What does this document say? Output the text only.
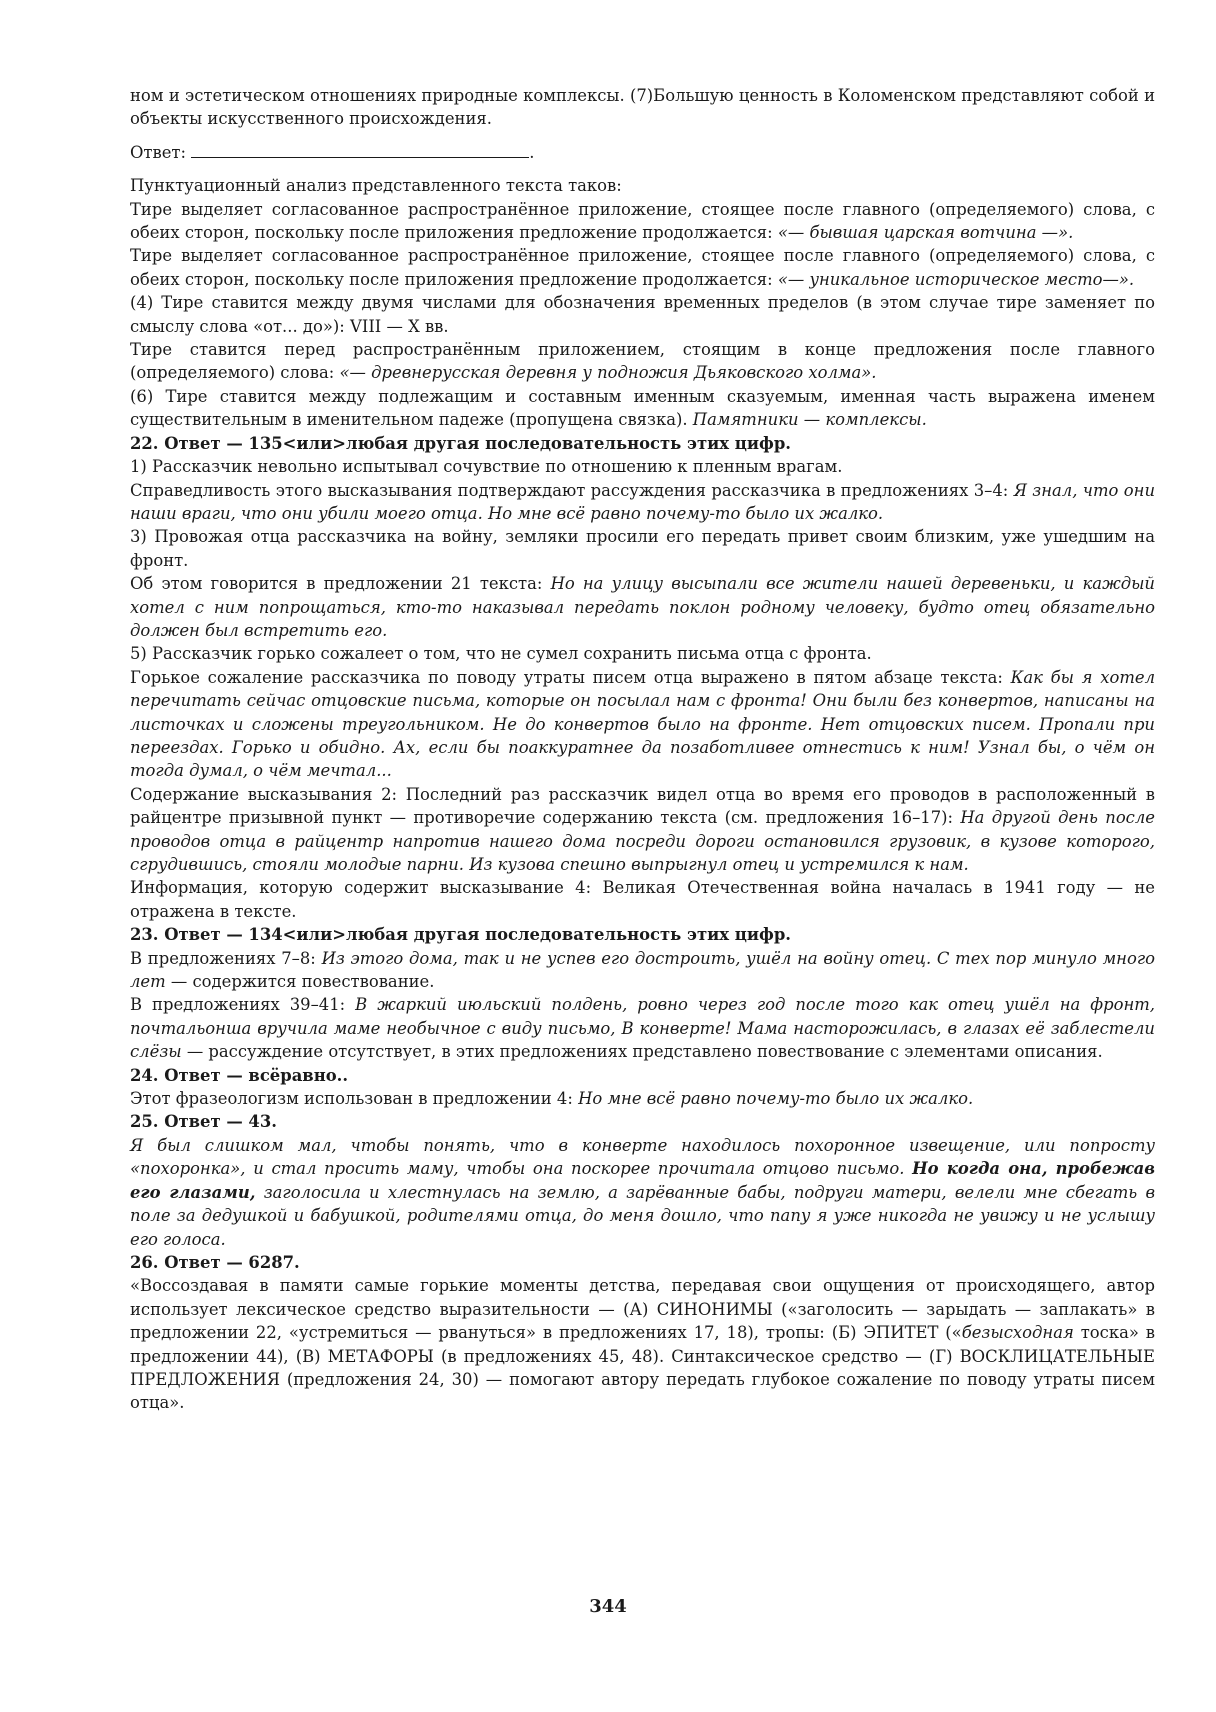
ном и эстетическом отношениях природные комплексы. (7)Большую ценность в Коломенском представляют собой и объекты искусственного происхождения.

Ответ:	.

Пунктуационный анализ представленного текста таков:

Тире выделяет согласованное распространённое приложение, стоящее после главного (определяемого) слова, с обеих сторон, поскольку после приложения предложение продолжается: «— бывшая царская вотчина —».

Тире выделяет согласованное распространённое приложение, стоящее после главного (определяемого) слова, с обеих сторон, поскольку после приложения предложение продолжается: «— уникальное историческое место—».

(4) Тире ставится между двумя числами для обозначения временных пределов (в этом случае тире заменяет по смыслу слова «от... до»): VIII — X вв.

Тире ставится перед распространённым приложением, стоящим в конце предложения после главного (определяемого) слова: «— древнерусская деревня у подножия Дьяковского холма».

(6) Тире ставится между подлежащим и составным именным сказуемым, именная часть выражена именем существительным в именительном падеже (пропущена связка). Памятники — комплексы.

22. Ответ — 135<или>любая другая последовательность этих цифр.

1) Рассказчик невольно испытывал сочувствие по отношению к пленным врагам.

Справедливость этого высказывания подтверждают рассуждения рассказчика в предложениях 3–4: Я знал, что они наши враги, что они убили моего отца. Но мне всё равно почему-то было их жалко.

3) Провожая отца рассказчика на войну, земляки просили его передать привет своим близким, уже ушедшим на фронт.

Об этом говорится в предложении 21 текста: Но на улицу высыпали все жители нашей деревеньки, и каждый хотел с ним попрощаться, кто-то наказывал передать поклон родному человеку, будто отец обязательно должен был встретить его.

5) Рассказчик горько сожалеет о том, что не сумел сохранить письма отца с фронта.

Горькое сожаление рассказчика по поводу утраты писем отца выражено в пятом абзаце текста: Как бы я хотел перечитать сейчас отцовские письма, которые он посылал нам с фронта! Они были без конвертов, написаны на листочках и сложены треугольником. Не до конвертов было на фронте. Нет отцовских писем. Пропали при переездах. Горько и обидно. Ах, если бы поаккуратнее да позаботливее отнестись к ним! Узнал бы, о чём он тогда думал, о чём мечтал...

Содержание высказывания 2: Последний раз рассказчик видел отца во время его проводов в расположенный в райцентре призывной пункт — противоречие содержанию текста (см. предложения 16–17): На другой день после проводов отца в райцентр напротив нашего дома посреди дороги остановился грузовик, в кузове которого, сгрудившись, стояли молодые парни. Из кузова спешно выпрыгнул отец и устремился к нам.

Информация, которую содержит высказывание 4: Великая Отечественная война началась в 1941 году — не отражена в тексте.

23. Ответ — 134<или>любая другая последовательность этих цифр.

В предложениях 7–8: Из этого дома, так и не успев его достроить, ушёл на войну отец. С тех пор минуло много лет — содержится повествование.

В предложениях 39–41: В жаркий июльский полдень, ровно через год после того как отец ушёл на фронт, почтальонша вручила маме необычное с виду письмо, В конверте! Мама насторожилась, в глазах её заблестели слёзы — рассуждение отсутствует, в этих предложениях представлено повествование с элементами описания.

24. Ответ — всёравно..

Этот фразеологизм использован в предложении 4: Но мне всё равно почему-то было их жалко.

25. Ответ — 43.

Я был слишком мал, чтобы понять, что в конверте находилось похоронное извещение, или попросту «похоронка», и стал просить маму, чтобы она поскорее прочитала отцово письмо. Но когда она, пробежав его глазами, заголосила и хлестнулась на землю, а зарёванные бабы, подруги матери, велели мне сбегать в поле за дедушкой и бабушкой, родителями отца, до меня дошло, что папу я уже никогда не увижу и не услышу его голоса.

26. Ответ — 6287.

«Воссоздавая в памяти самые горькие моменты детства, передавая свои ощущения от происходящего, автор использует лексическое средство выразительности — (А) СИНОНИМЫ («заголосить — зарыдать — заплакать» в предложении 22, «устремиться — рвануться» в предложениях 17, 18), тропы: (Б) ЭПИТЕТ («безысходная тоска» в предложении 44), (В) МЕТАФОРЫ (в предложениях 45, 48). Синтаксическое средство — (Г) ВОСКЛИЦАТЕЛЬНЫЕ ПРЕДЛОЖЕНИЯ (предложения 24, 30) — помогают автору передать глубокое сожаление по поводу утраты писем отца».

344
